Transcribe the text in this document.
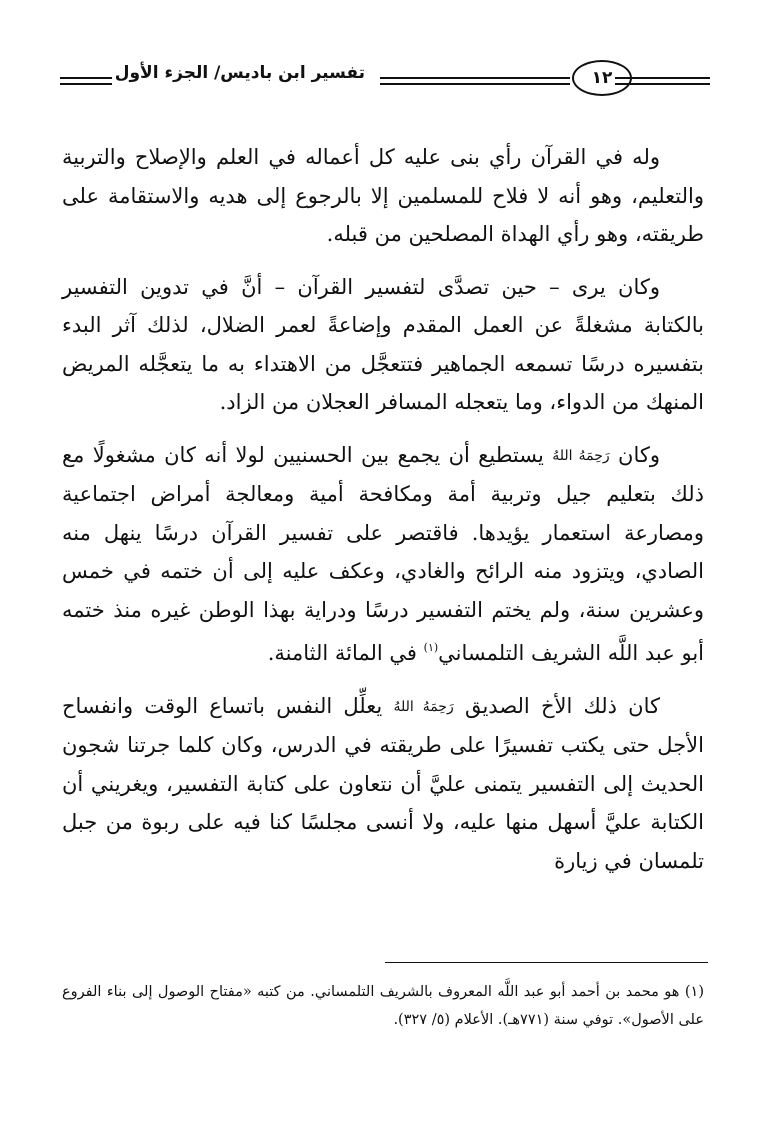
تفسير ابن باديس/ الجزء الأول	١٢

وله في القرآن رأي بنى عليه كل أعماله في العلم والإصلاح والتربية والتعليم، وهو أنه لا فلاح للمسلمين إلا بالرجوع إلى هديه والاستقامة على طريقته، وهو رأي الهداة المصلحين من قبله.

وكان يرى – حين تصدَّى لتفسير القرآن – أنَّ في تدوين التفسير بالكتابة مشغلةً عن العمل المقدم وإضاعةً لعمر الضلال، لذلك آثر البدء بتفسيره درسًا تسمعه الجماهير فتتعجَّل من الاهتداء به ما يتعجَّله المريض المنهك من الدواء، وما يتعجله المسافر العجلان من الزاد.

وكان رَحِمَهُ اللهُ يستطيع أن يجمع بين الحسنيين لولا أنه كان مشغولًا مع ذلك بتعليم جيل وتربية أمة ومكافحة أمية ومعالجة أمراض اجتماعية ومصارعة استعمار يؤيدها. فاقتصر على تفسير القرآن درسًا ينهل منه الصادي، ويتزود منه الرائح والغادي، وعكف عليه إلى أن ختمه في خمس وعشرين سنة، ولم يختم التفسير درسًا ودراية بهذا الوطن غيره منذ ختمه أبو عبد اللَّه الشريف التلمساني$^{(١)}$ في المائة الثامنة.

كان ذلك الأخ الصديق رَحِمَهُ اللهُ يعلِّل النفس باتساع الوقت وانفساح الأجل حتى يكتب تفسيرًا على طريقته في الدرس، وكان كلما جرتنا شجون الحديث إلى التفسير يتمنى عليَّ أن نتعاون على كتابة التفسير، ويغريني أن الكتابة عليَّ أسهل منها عليه، ولا أنسى مجلسًا كنا فيه على ربوة من جبل تلمسان في زيارة

(١) هو محمد بن أحمد أبو عبد اللَّه المعروف بالشريف التلمساني. من كتبه «مفتاح الوصول إلى بناء الفروع على الأصول». توفي سنة (٧٧١هـ). الأعلام (٥/ ٣٢٧).
